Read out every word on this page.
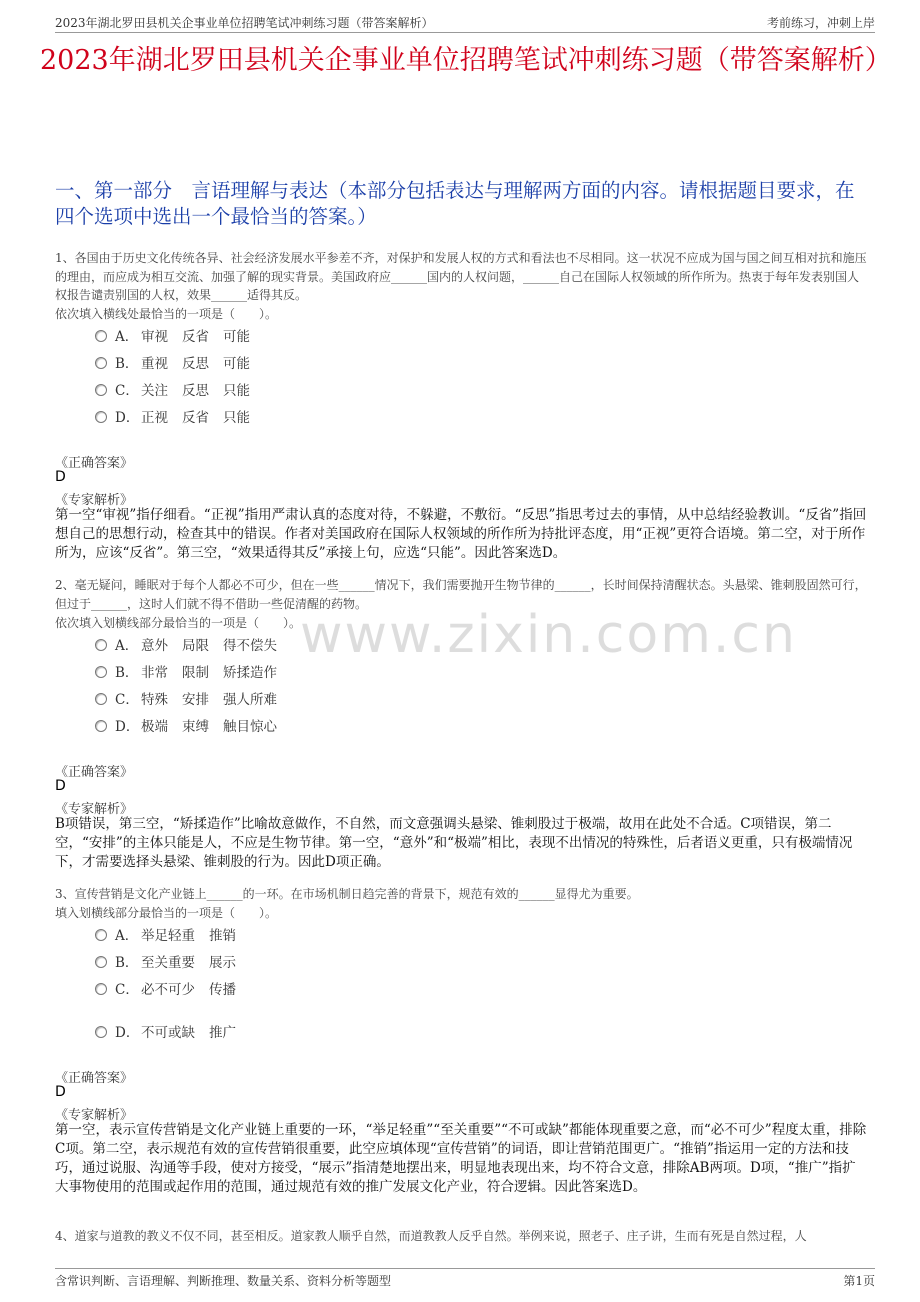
2023年湖北罗田县机关企事业单位招聘笔试冲刺练习题（带答案解析）	考前练习，冲刺上岸
2023年湖北罗田县机关企事业单位招聘笔试冲刺练习题（带答案解析）
一、第一部分　言语理解与表达（本部分包括表达与理解两方面的内容。请根据题目要求，在四个选项中选出一个最恰当的答案。）

1、各国由于历史文化传统各异、社会经济发展水平参差不齐，对保护和发展人权的方式和看法也不尽相同。这一状况不应成为国与国之间互相对抗和施压的理由，而应成为相互交流、加强了解的现实背景。美国政府应______国内的人权问题，______自己在国际人权领域的所作所为。热衷于每年发表别国人权报告谴责别国的人权，效果______适得其反。

依次填入横线处最恰当的一项是（　　）。

A． 审视 反省 可能
B． 重视 反思 可能
C． 关注 反思 只能
D． 正视 反省 只能
《正确答案》
D
《专家解析》

第一空“审视”指仔细看。“正视”指用严肃认真的态度对待，不躲避，不敷衍。“反思”指思考过去的事情，从中总结经验教训。“反省”指回想自己的思想行动，检查其中的错误。作者对美国政府在国际人权领域的所作所为持批评态度，用“正视”更符合语境。第二空，对于所作所为，应该“反省”。第三空，“效果适得其反”承接上句，应选“只能”。因此答案选D。

2、毫无疑问，睡眠对于每个人都必不可少，但在一些______情况下，我们需要抛开生物节律的______，长时间保持清醒状态。头悬梁、锥刺股固然可行，但过于______，这时人们就不得不借助一些促清醒的药物。

依次填入划横线部分最恰当的一项是（　　）。

A． 意外 局限 得不偿失
B． 非常 限制 矫揉造作
C． 特殊 安排 强人所难
D． 极端 束缚 触目惊心
《正确答案》
D
《专家解析》

B项错误，第三空，“矫揉造作”比喻故意做作，不自然，而文意强调头悬梁、锥刺股过于极端，故用在此处不合适。C项错误，第二空，“安排”的主体只能是人，不应是生物节律。第一空，“意外”和“极端”相比，表现不出情况的特殊性，后者语义更重，只有极端情况下，才需要选择头悬梁、锥刺股的行为。因此D项正确。

3、宣传营销是文化产业链上______的一环。在市场机制日趋完善的背景下，规范有效的______显得尤为重要。

填入划横线部分最恰当的一项是（　　）。

A． 举足轻重 推销
B． 至关重要 展示
C． 必不可少 传播
D． 不可或缺 推广
《正确答案》
D
《专家解析》

第一空，表示宣传营销是文化产业链上重要的一环，“举足轻重”“至关重要”“不可或缺”都能体现重要之意，而“必不可少”程度太重，排除C项。第二空，表示规范有效的宣传营销很重要，此空应填体现“宣传营销”的词语，即让营销范围更广。“推销”指运用一定的方法和技巧，通过说服、沟通等手段，使对方接受，“展示”指清楚地摆出来，明显地表现出来，均不符合文意，排除AB两项。D项，“推广”指扩大事物使用的范围或起作用的范围，通过规范有效的推广发展文化产业，符合逻辑。因此答案选D。

4、道家与道教的教义不仅不同，甚至相反。道家教人顺乎自然，而道教教人反乎自然。举例来说，照老子、庄子讲，生而有死是自然过程，人

www.zixin.com.cn
含常识判断、言语理解、判断推理、数量关系、资料分析等题型	第1页
